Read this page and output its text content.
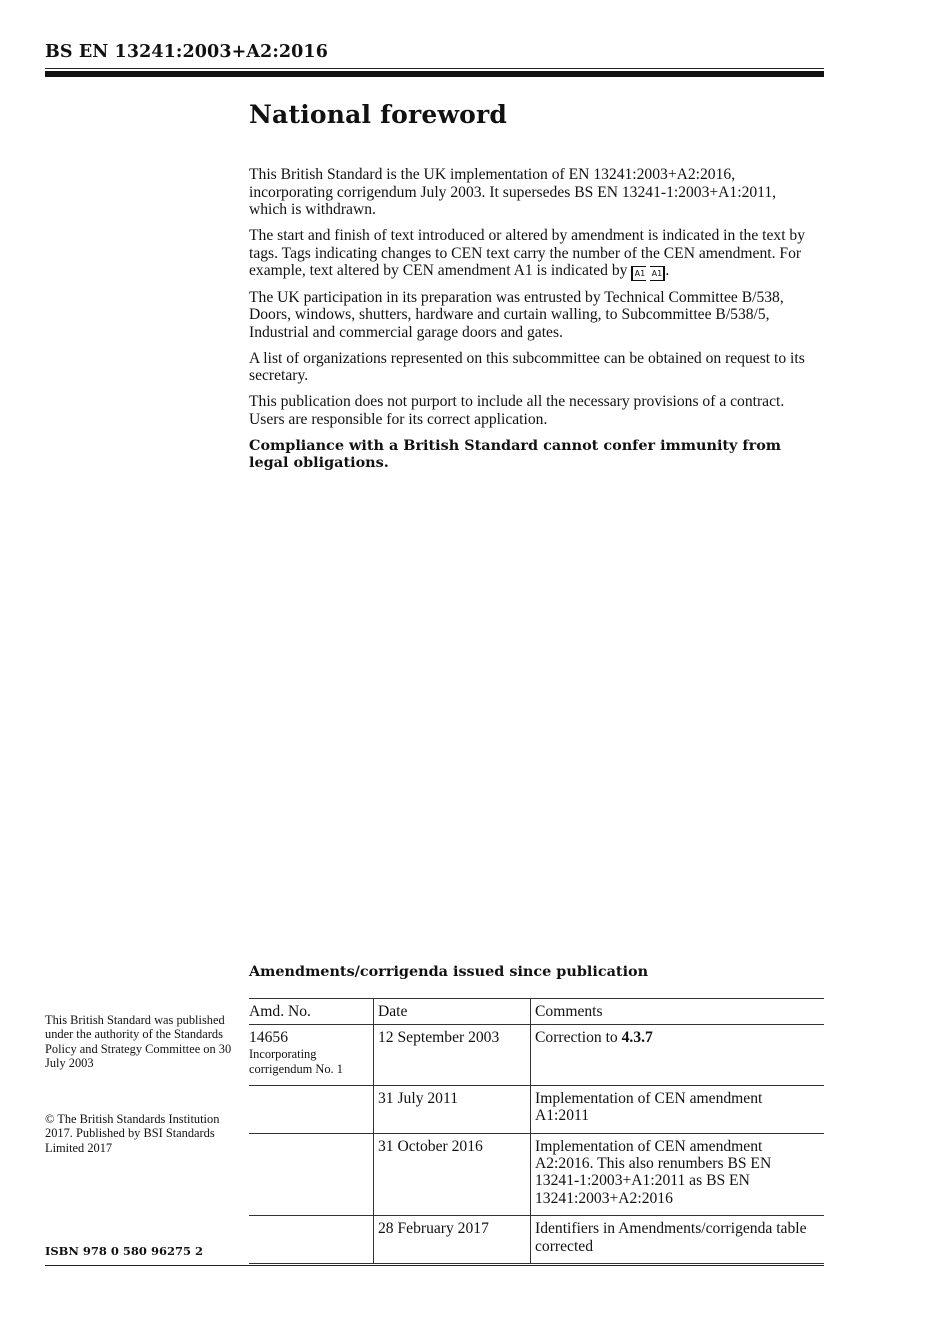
BS EN 13241:2003+A2:2016
National foreword

This British Standard is the UK implementation of EN 13241:2003+A2:2016, incorporating corrigendum July 2003. It supersedes BS EN 13241-1:2003+A1:2011, which is withdrawn.

The start and finish of text introduced or altered by amendment is indicated in the text by tags. Tags indicating changes to CEN text carry the number of the CEN amendment. For example, text altered by CEN amendment A1 is indicated by A1 A1 .

The UK participation in its preparation was entrusted by Technical Committee B/538, Doors, windows, shutters, hardware and curtain walling, to Subcommittee B/538/5, Industrial and commercial garage doors and gates.

A list of organizations represented on this subcommittee can be obtained on request to its secretary.

This publication does not purport to include all the necessary provisions of a contract. Users are responsible for its correct application.

Compliance with a British Standard cannot confer immunity from legal obligations.

Amendments/corrigenda issued since publication
Amd. No.	Date	Comments

14656
Incorporating corrigendum No. 1	12 September 2003	Correction to 4.3.7
	31 July 2011	Implementation of CEN amendment A1:2011
	31 October 2016	Implementation of CEN amendment A2:2016. This also renumbers BS EN 13241-1:2003+A1:2011 as BS EN 13241:2003+A2:2016
	28 February 2017	Identifiers in Amendments/corrigenda table corrected
This British Standard was published under the authority of the Standards Policy and Strategy Committee on 30 July 2003
© The British Standards Institution 2017. Published by BSI Standards Limited 2017
ISBN 978 0 580 96275 2
